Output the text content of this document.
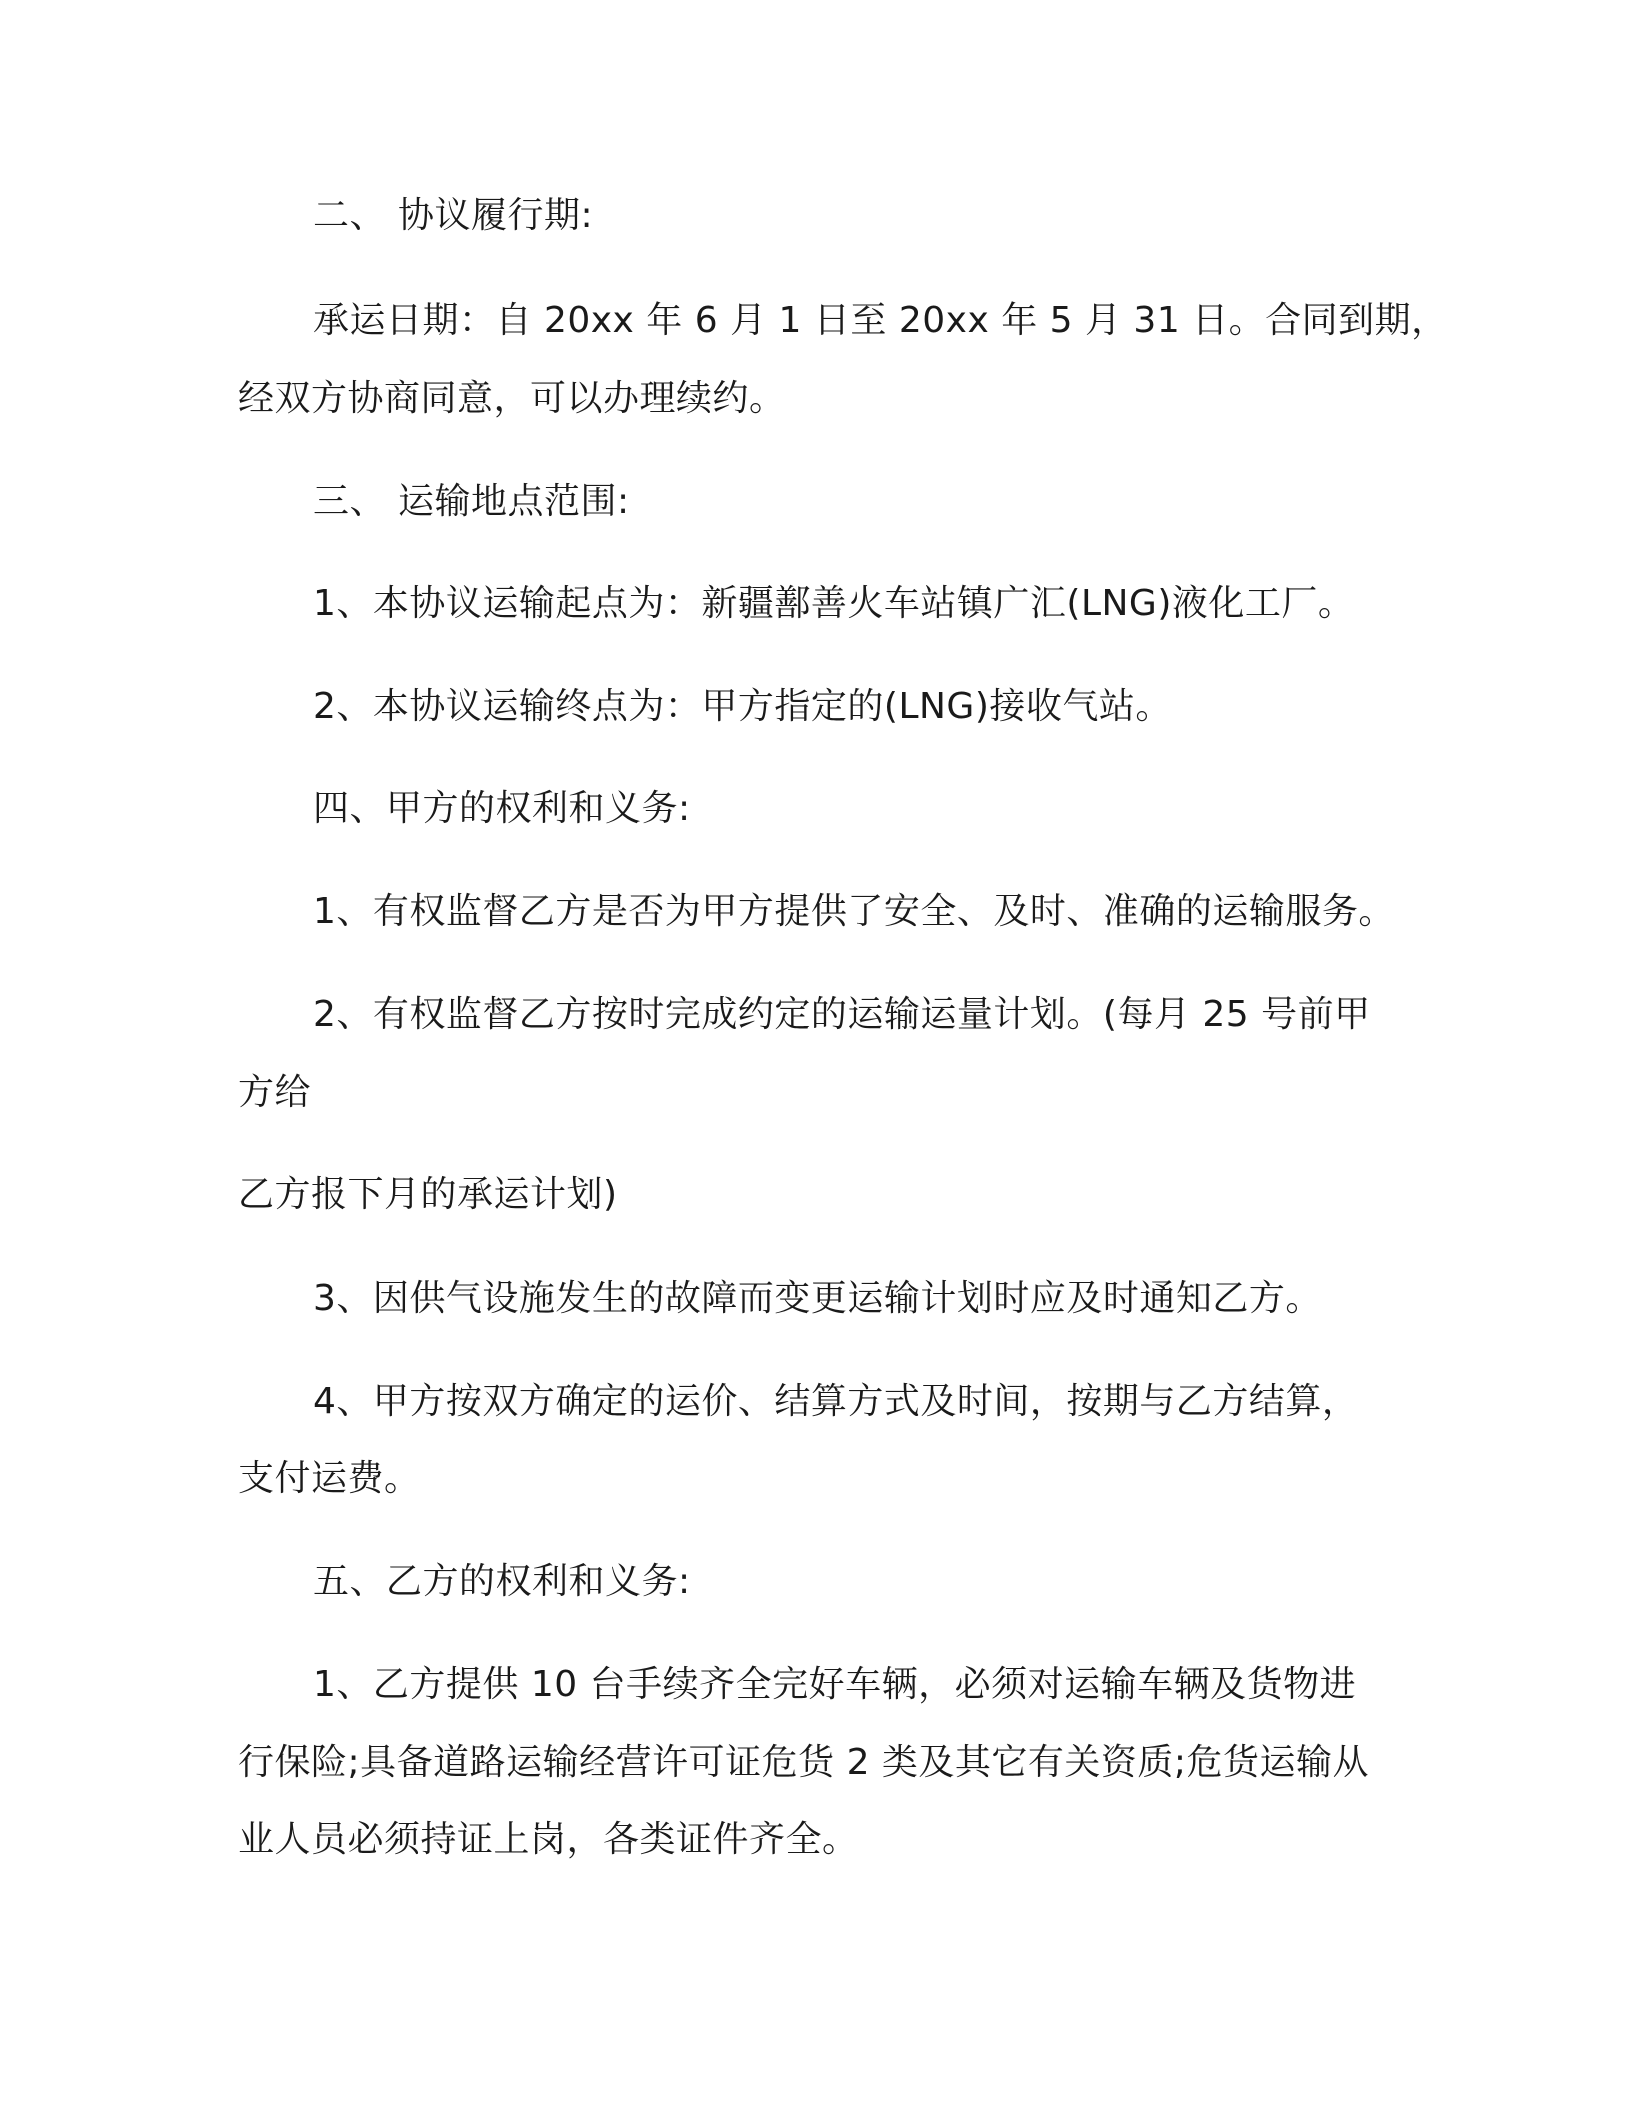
二、 协议履行期:
承运日期：自 20xx 年 6 月 1 日至 20xx 年 5 月 31 日。合同到期，
经双方协商同意，可以办理续约。
三、 运输地点范围:
1、本协议运输起点为：新疆鄯善火车站镇广汇(LNG)液化工厂。
2、本协议运输终点为：甲方指定的(LNG)接收气站。
四、甲方的权利和义务:
1、有权监督乙方是否为甲方提供了安全、及时、准确的运输服务。
2、有权监督乙方按时完成约定的运输运量计划。(每月 25 号前甲
方给
乙方报下月的承运计划)
3、因供气设施发生的故障而变更运输计划时应及时通知乙方。
4、甲方按双方确定的运价、结算方式及时间，按期与乙方结算，
支付运费。
五、乙方的权利和义务:
1、乙方提供 10 台手续齐全完好车辆，必须对运输车辆及货物进
行保险;具备道路运输经营许可证危货 2 类及其它有关资质;危货运输从
业人员必须持证上岗，各类证件齐全。
